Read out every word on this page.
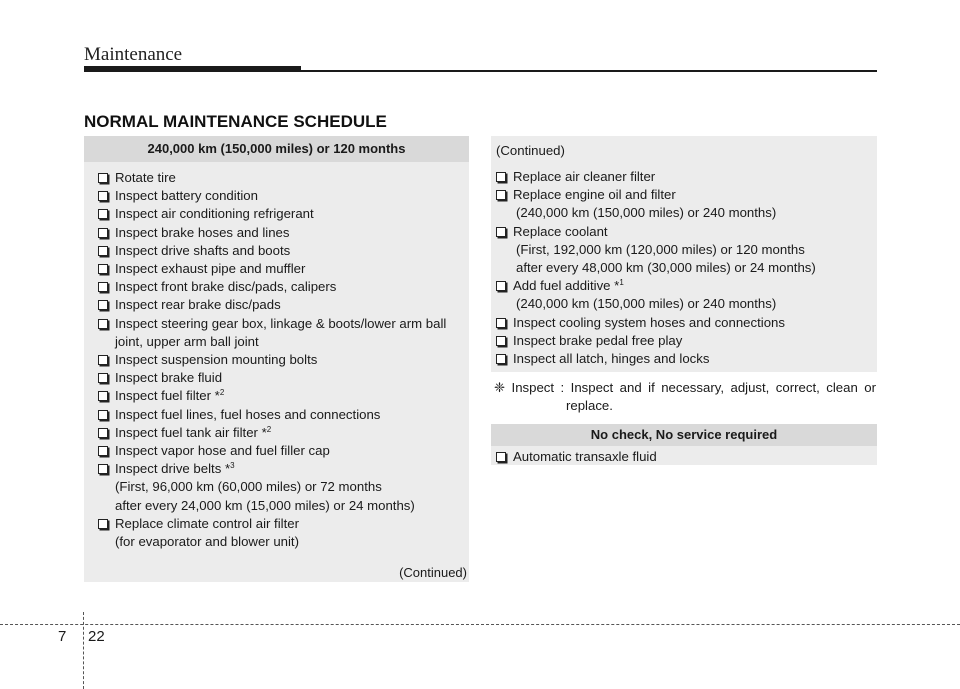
Maintenance
NORMAL MAINTENANCE SCHEDULE
240,000 km (150,000 miles) or 120 months
Rotate tire
Inspect battery condition
Inspect air conditioning refrigerant
Inspect brake hoses and lines
Inspect drive shafts and boots
Inspect exhaust pipe and muffler
Inspect front brake disc/pads, calipers
Inspect rear brake disc/pads
Inspect steering gear box, linkage & boots/lower arm ball
joint, upper arm ball joint
Inspect suspension mounting bolts
Inspect brake fluid
Inspect fuel filter *$^2$
Inspect fuel lines, fuel hoses and connections
Inspect fuel tank air filter *$^2$
Inspect vapor hose and fuel filler cap
Inspect drive belts *$^3$
(First, 96,000 km (60,000 miles) or 72 months
after every 24,000 km (15,000 miles) or 24 months)
Replace climate control air filter
(for evaporator and blower unit)
(Continued)
(Continued)
Replace air cleaner filter
Replace engine oil and filter
(240,000 km (150,000 miles) or 240 months)
Replace coolant
(First, 192,000 km (120,000 miles) or 120 months
after every 48,000 km (30,000 miles) or 24 months)
Add fuel additive *$^1$
(240,000 km (150,000 miles) or 240 months)
Inspect cooling system hoses and connections
Inspect brake pedal free play
Inspect all latch, hinges and locks
❈ Inspect : Inspect and if necessary, adjust, correct, clean or
replace.
No check, No service required
Automatic transaxle fluid
7 22
